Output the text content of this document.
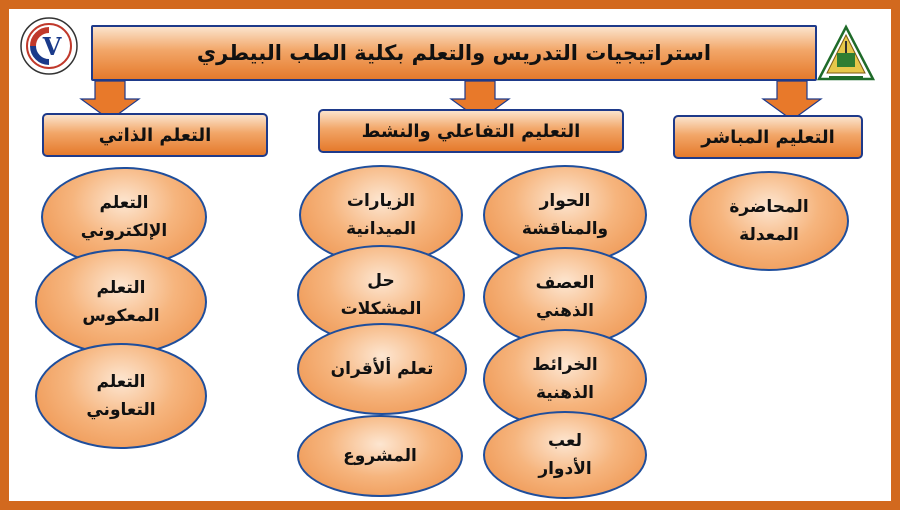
V	استراتيجيات التدريس والتعلم بكلية الطب البيطري
التعلم الذاتي	التعليم التفاعلي والنشط	التعليم المباشر
التعلم
الإلكتروني
التعلم
المعكوس
التعلم
التعاوني
الزيارات
الميدانية
حل
المشكلات
تعلم ألأقران
المشروع
الحوار
والمناقشة
العصف
الذهني
الخرائط
الذهنية
لعب
الأدوار
المحاضرة
المعدلة
